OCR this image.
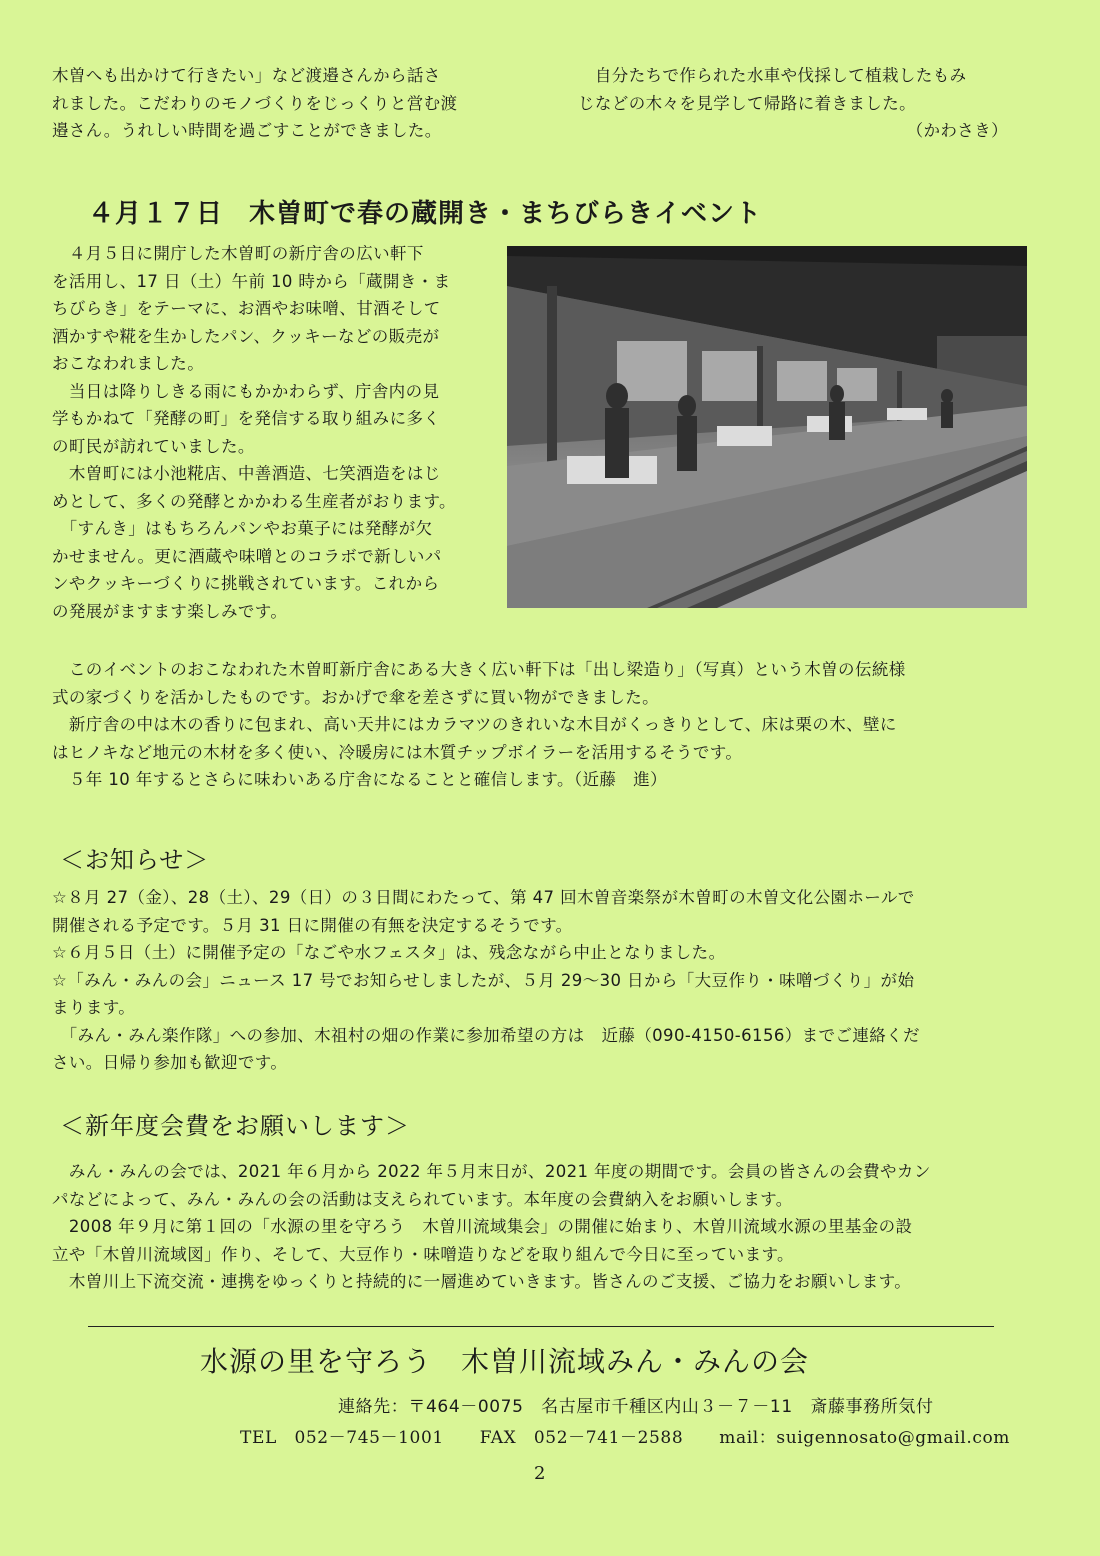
木曽へも出かけて行きたい」など渡邉さんから話さ

れました。こだわりのモノづくりをじっくりと営む渡

邉さん。うれしい時間を過ごすことができました。

　自分たちで作られた水車や伐採して植栽したもみ

じなどの木々を見学して帰路に着きました。

（かわさき）

４月１７日 木曽町で春の蔵開き・まちびらきイベント

　４月５日に開庁した木曽町の新庁舎の広い軒下

を活用し、17 日（土）午前 10 時から「蔵開き・ま

ちびらき」をテーマに、お酒やお味噌、甘酒そして

酒かすや糀を生かしたパン、クッキーなどの販売が

おこなわれました。

　当日は降りしきる雨にもかかわらず、庁舎内の見

学もかねて「発酵の町」を発信する取り組みに多く

の町民が訪れていました。

　木曽町には小池糀店、中善酒造、七笑酒造をはじ

めとして、多くの発酵とかかわる生産者がおります。

　「すんき」はもちろんパンやお菓子には発酵が欠

かせません。更に酒蔵や味噌とのコラボで新しいパ

ンやクッキーづくりに挑戦されています。これから

の発展がますます楽しみです。

　このイベントのおこなわれた木曽町新庁舎にある大きく広い軒下は「出し梁造り」（写真）という木曽の伝統様

式の家づくりを活かしたものです。おかげで傘を差さずに買い物ができました。

　新庁舎の中は木の香りに包まれ、高い天井にはカラマツのきれいな木目がくっきりとして、床は栗の木、壁に

はヒノキなど地元の木材を多く使い、冷暖房には木質チップボイラーを活用するそうです。

　５年 10 年するとさらに味わいある庁舎になることと確信します。（近藤　進）

＜お知らせ＞

☆８月 27（金）、28（土）、29（日）の３日間にわたって、第 47 回木曽音楽祭が木曽町の木曽文化公園ホールで

開催される予定です。５月 31 日に開催の有無を決定するそうです。

☆６月５日（土）に開催予定の「なごや水フェスタ」は、残念ながら中止となりました。

☆「みん・みんの会」ニュース 17 号でお知らせしましたが、５月 29〜30 日から「大豆作り・味噌づくり」が始

まります。

　「みん・みん楽作隊」への参加、木祖村の畑の作業に参加希望の方は　近藤（090-4150-6156）までご連絡くだ

さい。日帰り参加も歓迎です。

＜新年度会費をお願いします＞

　みん・みんの会では、2021 年６月から 2022 年５月末日が、2021 年度の期間です。会員の皆さんの会費やカン

パなどによって、みん・みんの会の活動は支えられています。本年度の会費納入をお願いします。

　2008 年９月に第１回の「水源の里を守ろう　木曽川流域集会」の開催に始まり、木曽川流域水源の里基金の設

立や「木曽川流域図」作り、そして、大豆作り・味噌造りなどを取り組んで今日に至っています。

　木曽川上下流交流・連携をゆっくりと持続的に一層進めていきます。皆さんのご支援、ご協力をお願いします。

水源の里を守ろう　木曽川流域みん・みんの会
連絡先：〒464－0075　名古屋市千種区内山３－７－11　斎藤事務所気付
TEL　052－745－1001 FAX　052－741－2588 mail：suigennosato@gmail.com
2
